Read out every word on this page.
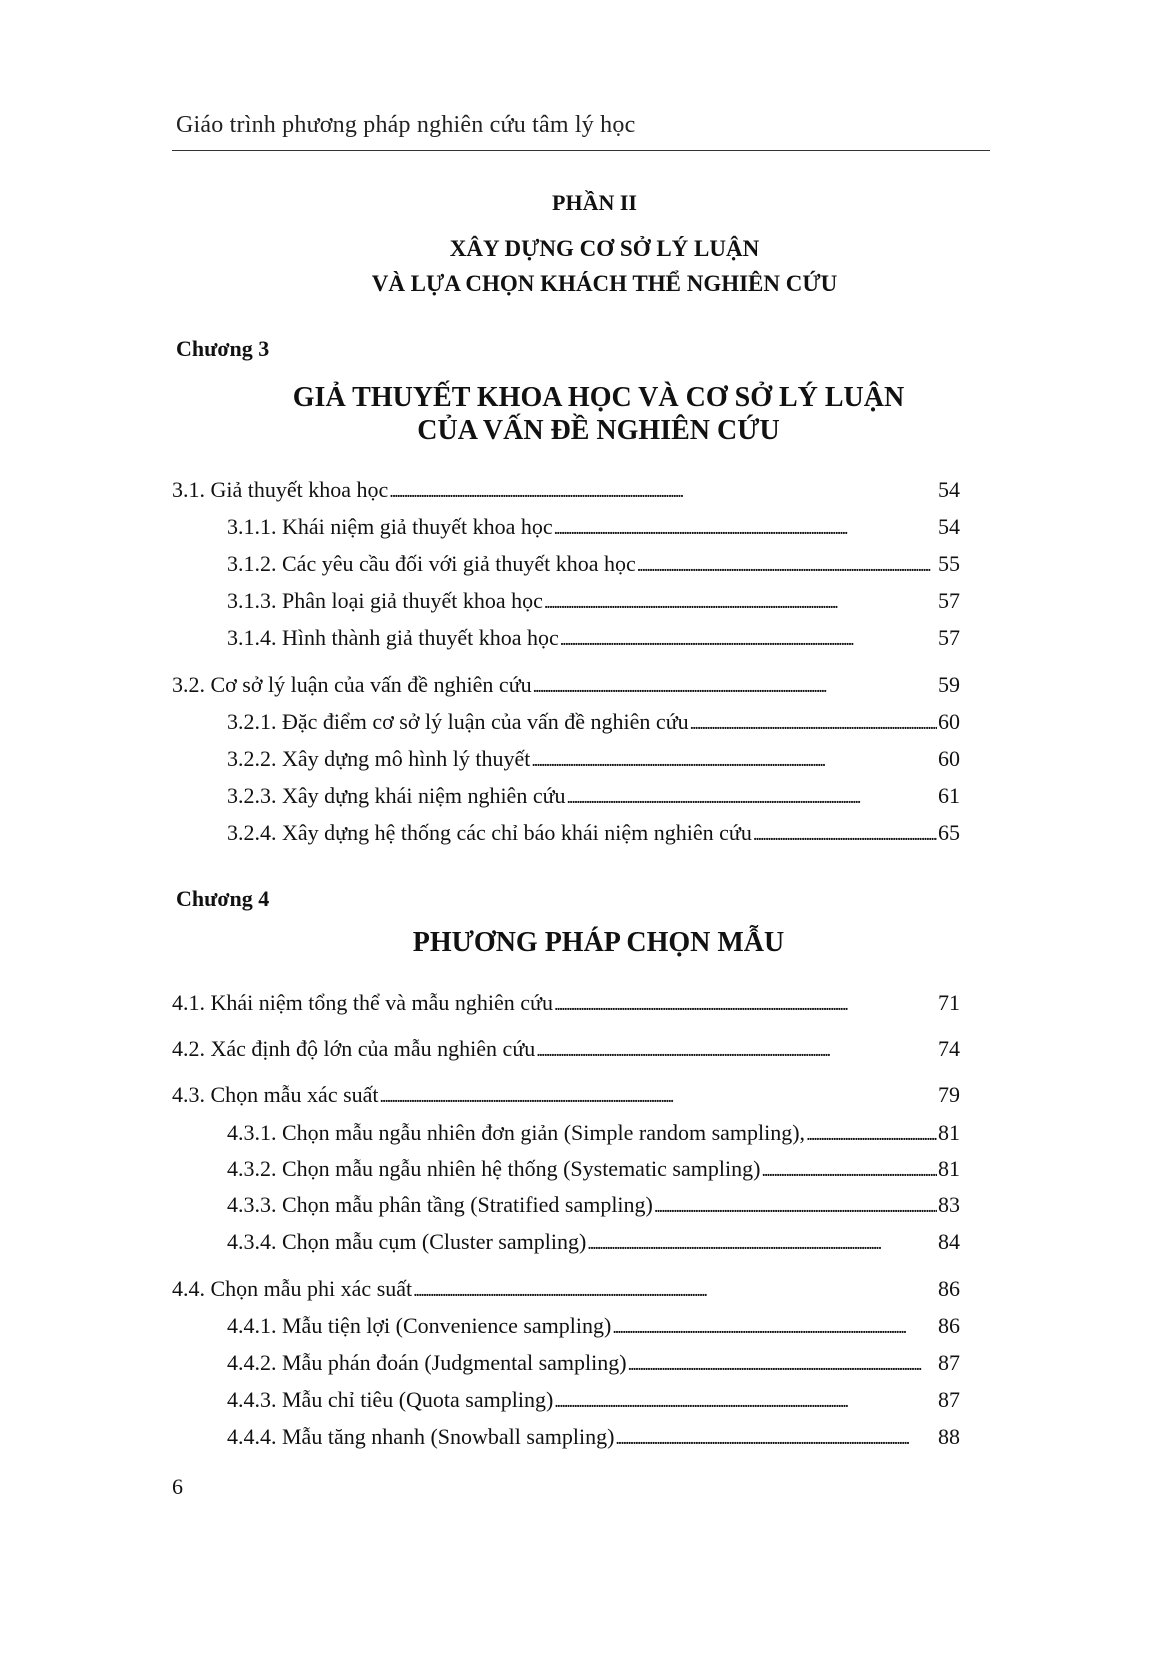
Giáo trình phương pháp nghiên cứu tâm lý học
PHẦN II
XÂY DỰNG CƠ SỞ LÝ LUẬN
VÀ LỰA CHỌN KHÁCH THỂ NGHIÊN CỨU
Chương 3
GIẢ THUYẾT KHOA HỌC VÀ CƠ SỞ LÝ LUẬN
CỦA VẤN ĐỀ NGHIÊN CỨU
3.1. Giả thuyết khoa học . . .	54
3.1.1. Khái niệm giả thuyết khoa học . . .	54
3.1.2. Các yêu cầu đối với giả thuyết khoa học . . .	55
3.1.3. Phân loại giả thuyết khoa học . . .	57
3.1.4. Hình thành giả thuyết khoa học . . .	57
3.2. Cơ sở lý luận của vấn đề nghiên cứu . . .	59
3.2.1. Đặc điểm cơ sở lý luận của vấn đề nghiên cứu . . .	60
3.2.2. Xây dựng mô hình lý thuyết . . .	60
3.2.3. Xây dựng khái niệm nghiên cứu . . .	61
3.2.4. Xây dựng hệ thống các chỉ báo khái niệm nghiên cứu . . .	65
Chương 4
PHƯƠNG PHÁP CHỌN MẪU
4.1. Khái niệm tổng thể và mẫu nghiên cứu . . .	71
4.2. Xác định độ lớn của mẫu nghiên cứu . . .	74
4.3. Chọn mẫu xác suất . . .	79
4.3.1. Chọn mẫu ngẫu nhiên đơn giản (Simple random sampling), . . .	81
4.3.2. Chọn mẫu ngẫu nhiên hệ thống (Systematic sampling) . . .	81
4.3.3. Chọn mẫu phân tầng (Stratified sampling) . . .	83
4.3.4. Chọn mẫu cụm (Cluster sampling) . . .	84
4.4. Chọn mẫu phi xác suất . . .	86
4.4.1. Mẫu tiện lợi (Convenience sampling) . . .	86
4.4.2. Mẫu phán đoán (Judgmental sampling) . . .	87
4.4.3. Mẫu chỉ tiêu (Quota sampling) . . .	87
4.4.4. Mẫu tăng nhanh (Snowball sampling) . . .	88
6
